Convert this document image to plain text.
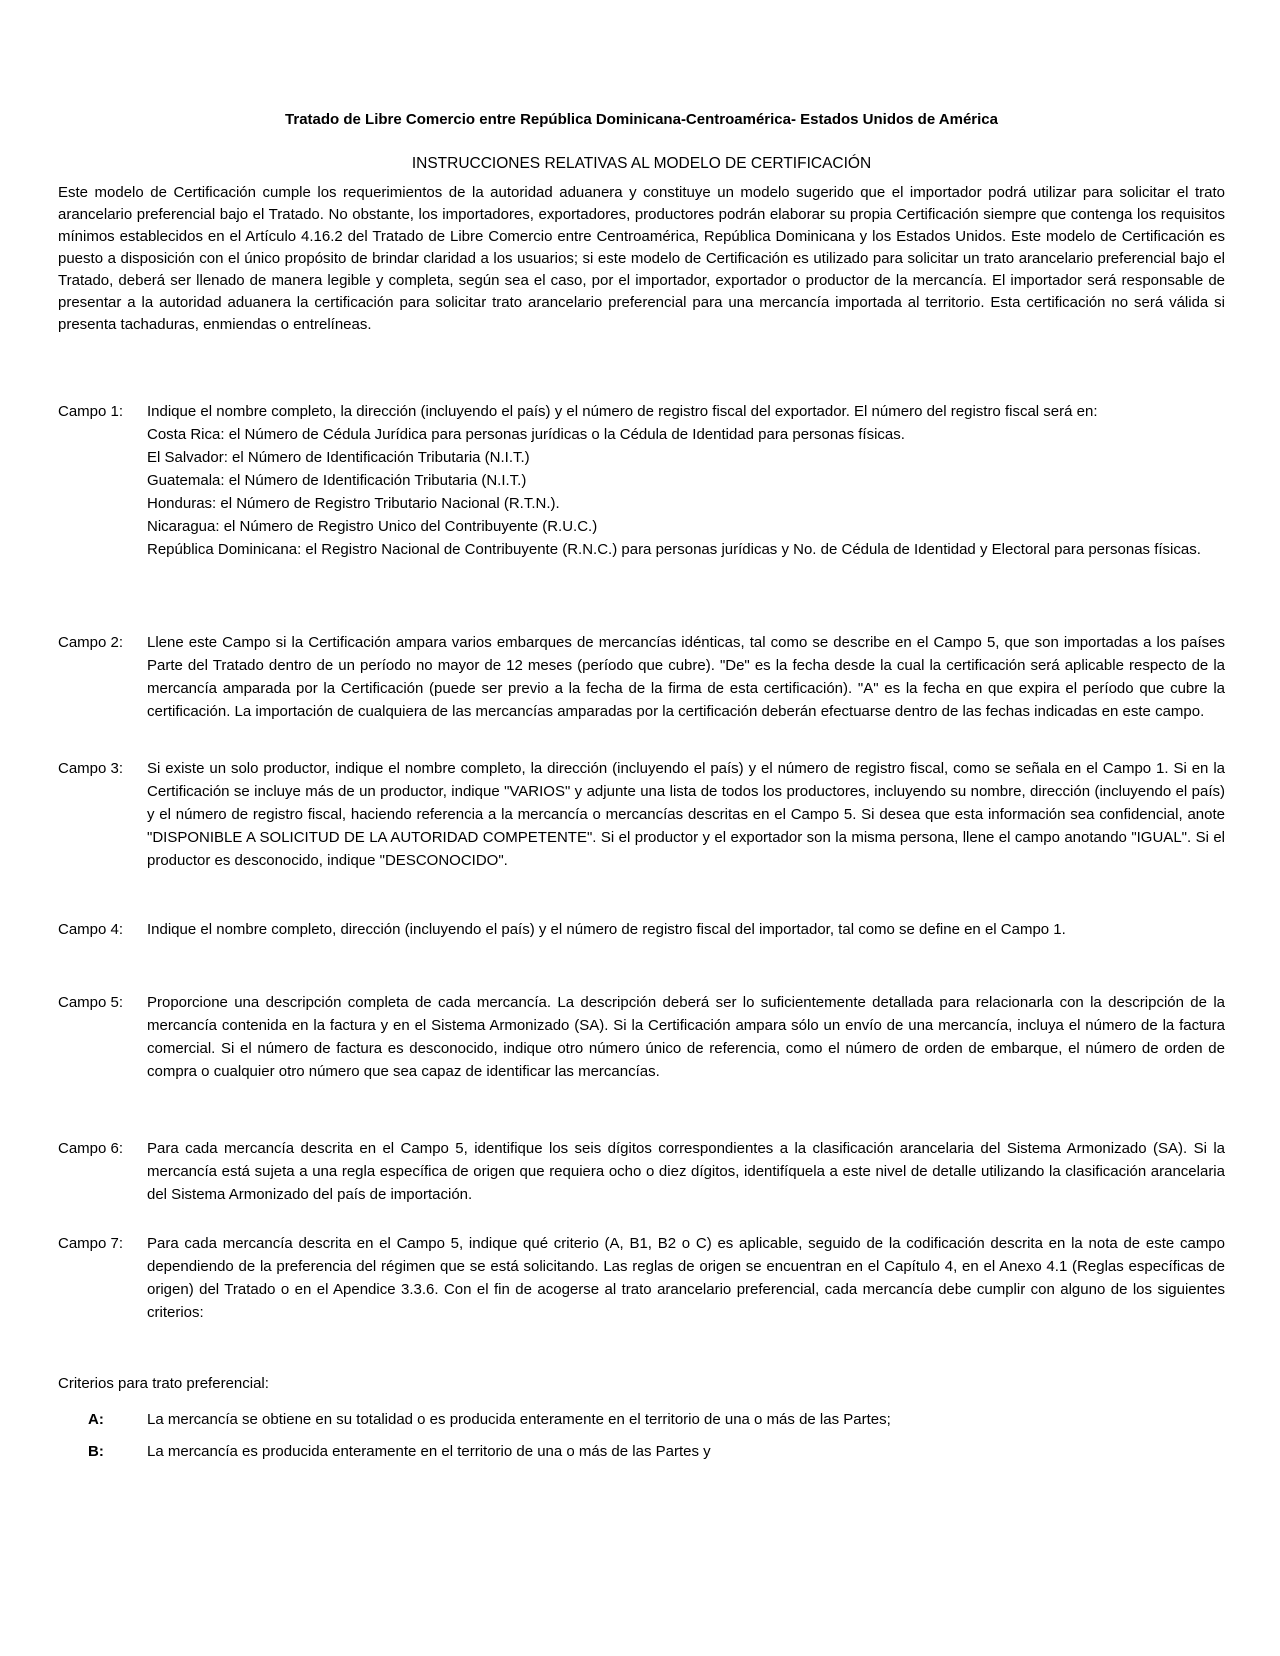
Tratado de Libre Comercio entre República Dominicana-Centroamérica- Estados Unidos de América
INSTRUCCIONES RELATIVAS AL MODELO DE CERTIFICACIÓN

Este modelo de Certificación cumple los requerimientos de la autoridad aduanera y constituye un modelo sugerido que el importador podrá utilizar para solicitar el trato arancelario preferencial bajo el Tratado. No obstante, los importadores, exportadores, productores podrán elaborar su propia Certificación siempre que contenga los requisitos mínimos establecidos en el Artículo 4.16.2 del Tratado de Libre Comercio entre Centroamérica, República Dominicana y los Estados Unidos. Este modelo de Certificación es puesto a disposición con el único propósito de brindar claridad a los usuarios; si este modelo de Certificación es utilizado para solicitar un trato arancelario preferencial bajo el Tratado, deberá ser llenado de manera legible y completa, según sea el caso, por el importador, exportador o productor de la mercancía. El importador será responsable de presentar a la autoridad aduanera la certificación para solicitar trato arancelario preferencial para una mercancía importada al territorio. Esta certificación no será válida si presenta tachaduras, enmiendas o entrelíneas.

Campo 1:	Indique el nombre completo, la dirección (incluyendo el país) y el número de registro fiscal del exportador. El número del registro fiscal será en:

Costa Rica: el Número de Cédula Jurídica para personas jurídicas o la Cédula de Identidad para personas físicas.

El Salvador: el Número de Identificación Tributaria (N.I.T.)

Guatemala: el Número de Identificación Tributaria (N.I.T.)

Honduras: el Número de Registro Tributario Nacional (R.T.N.).

Nicaragua: el Número de Registro Unico del Contribuyente (R.U.C.)

República Dominicana: el Registro Nacional de Contribuyente (R.N.C.) para personas jurídicas y No. de Cédula de Identidad y Electoral para personas físicas.

Campo 2:	Llene este Campo si la Certificación ampara varios embarques de mercancías idénticas, tal como se describe en el Campo 5, que son importadas a los países Parte del Tratado dentro de un período no mayor de 12 meses (período que cubre). "De" es la fecha desde la cual la certificación será aplicable respecto de la mercancía amparada por la Certificación (puede ser previo a la fecha de la firma de esta certificación). "A" es la fecha en que expira el período que cubre la certificación. La importación de cualquiera de las mercancías amparadas por la certificación deberán efectuarse dentro de las fechas indicadas en este campo.

Campo 3:	Si existe un solo productor, indique el nombre completo, la dirección (incluyendo el país) y el número de registro fiscal, como se señala en el Campo 1. Si en la Certificación se incluye más de un productor, indique "VARIOS" y adjunte una lista de todos los productores, incluyendo su nombre, dirección (incluyendo el país) y el número de registro fiscal, haciendo referencia a la mercancía o mercancías descritas en el Campo 5. Si desea que esta información sea confidencial, anote "DISPONIBLE A SOLICITUD DE LA AUTORIDAD COMPETENTE". Si el productor y el exportador son la misma persona, llene el campo anotando "IGUAL". Si el productor es desconocido, indique "DESCONOCIDO".

Campo 4:	Indique el nombre completo, dirección (incluyendo el país) y el número de registro fiscal del importador, tal como se define en el Campo 1.

Campo 5:	Proporcione una descripción completa de cada mercancía. La descripción deberá ser lo suficientemente detallada para relacionarla con la descripción de la mercancía contenida en la factura y en el Sistema Armonizado (SA). Si la Certificación ampara sólo un envío de una mercancía, incluya el número de la factura comercial. Si el número de factura es desconocido, indique otro número único de referencia, como el número de orden de embarque, el número de orden de compra o cualquier otro número que sea capaz de identificar las mercancías.

Campo 6:	Para cada mercancía descrita en el Campo 5, identifique los seis dígitos correspondientes a la clasificación arancelaria del Sistema Armonizado (SA). Si la mercancía está sujeta a una regla específica de origen que requiera ocho o diez dígitos, identifíquela a este nivel de detalle utilizando la clasificación arancelaria del Sistema Armonizado del país de importación.

Campo 7:	Para cada mercancía descrita en el Campo 5, indique qué criterio (A, B1, B2 o C) es aplicable, seguido de la codificación descrita en la nota de este campo dependiendo de la preferencia del régimen que se está solicitando. Las reglas de origen se encuentran en el Capítulo 4, en el Anexo 4.1 (Reglas específicas de origen) del Tratado o en el Apendice 3.3.6. Con el fin de acogerse al trato arancelario preferencial, cada mercancía debe cumplir con alguno de los siguientes criterios:

Criterios para trato preferencial:

A:	La mercancía se obtiene en su totalidad o es producida enteramente en el territorio de una o más de las Partes;

B:	La mercancía es producida enteramente en el territorio de una o más de las Partes y
